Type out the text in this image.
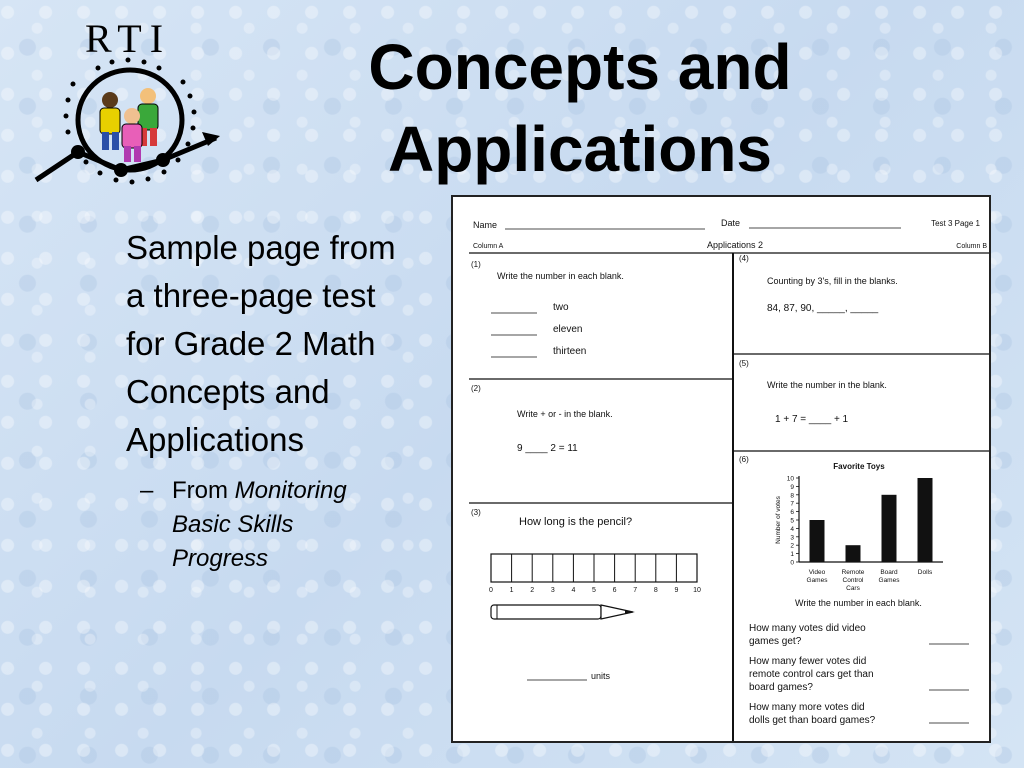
RTI	Concepts and
Applications
Sample page from a three-page test for Grade 2 Math Concepts and Applications
– From Monitoring Basic Skills Progress
Name	Date	Test 3 Page 1
Column A	Applications 2	Column B
(1)
Write the number in each blank.
two
eleven
thirteen
(2)
Write + or - in the blank.
9 ____ 2 = 11
(3)
How long is the pencil?
0 1 2 3 4 5 6 7 8 9 10
units
(4)
Counting by 3's, fill in the blanks.
84, 87, 90, _____, _____
(5)
Write the number in the blank.
1 + 7 = ____ + 1
(6)
Favorite Toys
0
1
2
3
4
5
6
7
8
9
10
Number of votes
Video
Games
Remote
Control
Cars
Board
Games
Dolls
Write the number in each blank.
How many votes did video games get?
How many fewer votes did remote control cars get than board games?
How many more votes did dolls get than board games?
